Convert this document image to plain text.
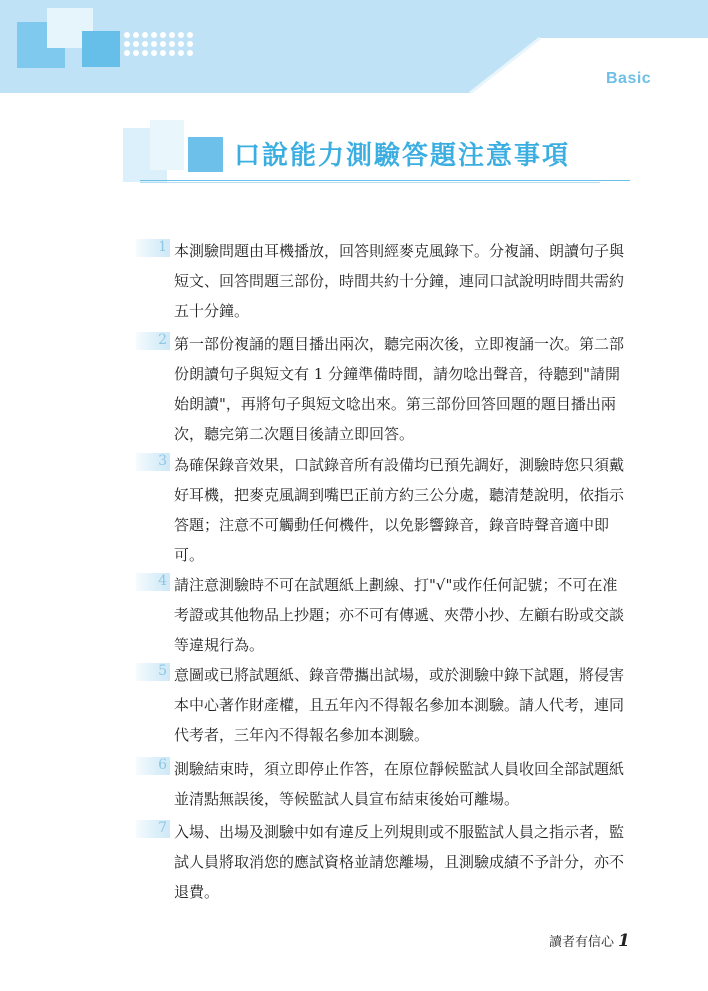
Basic
口說能力測驗答題注意事項
1 本測驗問題由耳機播放，回答則經麥克風錄下。分複誦、朗讀句子與短文、回答問題三部份，時間共約十分鐘，連同口試說明時間共需約五十分鐘。
2 第一部份複誦的題目播出兩次，聽完兩次後，立即複誦一次。第二部份朗讀句子與短文有 1 分鐘準備時間，請勿唸出聲音，待聽到"請開始朗讀"，再將句子與短文唸出來。第三部份回答回題的題目播出兩次，聽完第二次題目後請立即回答。
3 為確保錄音效果，口試錄音所有設備均已預先調好，測驗時您只須戴好耳機，把麥克風調到嘴巴正前方約三公分處，聽清楚說明，依指示答題；注意不可觸動任何機件，以免影響錄音，錄音時聲音適中即可。
4 請注意測驗時不可在試題紙上劃線、打"√"或作任何記號；不可在准考證或其他物品上抄題；亦不可有傳遞、夾帶小抄、左顧右盼或交談等違規行為。
5 意圖或已將試題紙、錄音帶攜出試場，或於測驗中錄下試題，將侵害本中心著作財產權，且五年內不得報名參加本測驗。請人代考，連同代考者，三年內不得報名參加本測驗。
6 測驗結束時，須立即停止作答，在原位靜候監試人員收回全部試題紙並清點無誤後，等候監試人員宣布結束後始可離場。
7 入場、出場及測驗中如有違反上列規則或不服監試人員之指示者，監試人員將取消您的應試資格並請您離場，且測驗成績不予計分，亦不退費。
讀者有信心 1
